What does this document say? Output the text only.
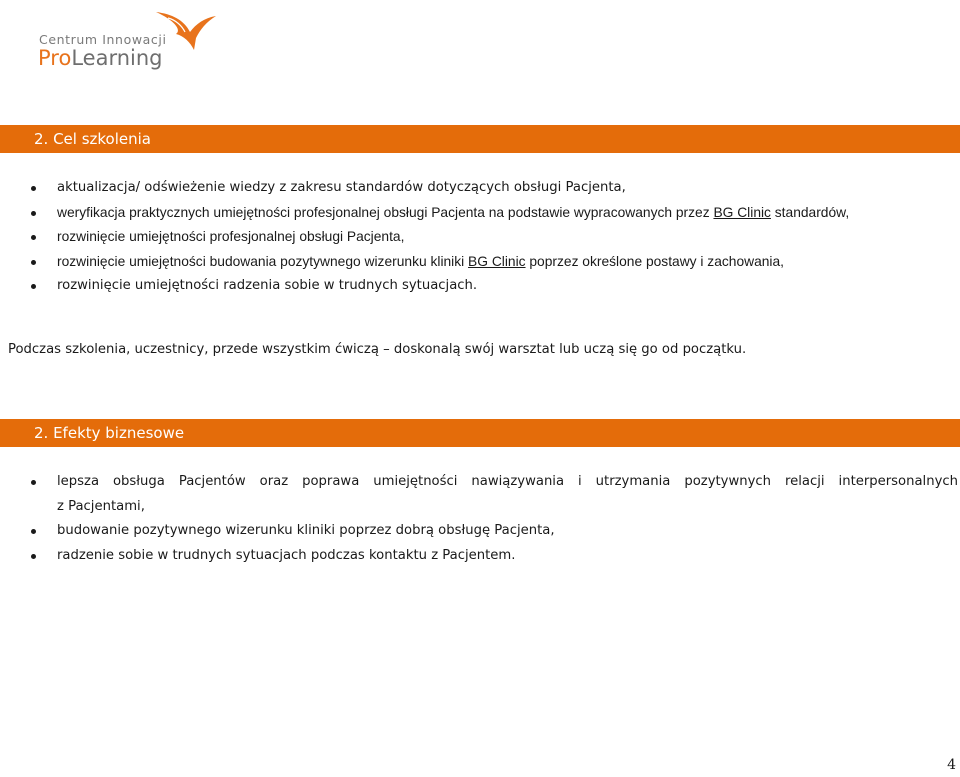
Centrum Innowacji
ProLearning
2. Cel szkolenia
aktualizacja/ odświeżenie wiedzy z zakresu standardów dotyczących obsługi Pacjenta,
weryfikacja praktycznych umiejętności profesjonalnej obsługi Pacjenta na podstawie wypracowanych przez BG Clinic standardów,
rozwinięcie umiejętności profesjonalnej obsługi Pacjenta,
rozwinięcie umiejętności budowania pozytywnego wizerunku kliniki BG Clinic poprzez określone postawy i zachowania,
rozwinięcie umiejętności radzenia sobie w trudnych sytuacjach.
Podczas szkolenia, uczestnicy, przede wszystkim ćwiczą – doskonalą swój warsztat lub uczą się go od początku.
2. Efekty biznesowe
lepsza obsługa Pacjentów oraz poprawa umiejętności nawiązywania i utrzymania pozytywnych relacji interpersonalnych
z Pacjentami,
budowanie pozytywnego wizerunku kliniki poprzez dobrą obsługę Pacjenta,
radzenie sobie w trudnych sytuacjach podczas kontaktu z Pacjentem.
4
